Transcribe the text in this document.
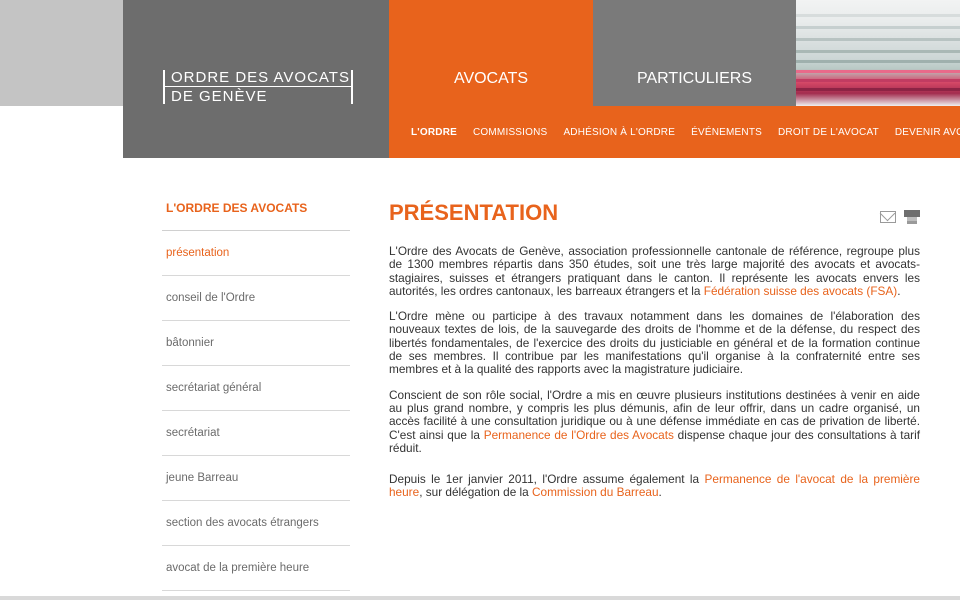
ORDRE DES AVOCATS
DE GENÈVE
AVOCATS	PARTICULIERS
L'ORDRE COMMISSIONS ADHÉSION À L'ORDRE ÉVÉNEMENTS DROIT DE L'AVOCAT DEVENIR AVOC
L'ORDRE DES AVOCATS
présentation
conseil de l'Ordre
bâtonnier
secrétariat général
secrétariat
jeune Barreau
section des avocats étrangers
avocat de la première heure
PRÉSENTATION

L'Ordre des Avocats de Genève, association professionnelle cantonale de référence, regroupe plus de 1300 membres répartis dans 350 études, soit une très large majorité des avocats et avocats-stagiaires, suisses et étrangers pratiquant dans le canton. Il représente les avocats envers les autorités, les ordres cantonaux, les barreaux étrangers et la Fédération suisse des avocats (FSA).

L'Ordre mène ou participe à des travaux notamment dans les domaines de l'élaboration des nouveaux textes de lois, de la sauvegarde des droits de l'homme et de la défense, du respect des libertés fondamentales, de l'exercice des droits du justiciable en général et de la formation continue de ses membres. Il contribue par les manifestations qu'il organise à la confraternité entre ses membres et à la qualité des rapports avec la magistrature judiciaire.

Conscient de son rôle social, l'Ordre a mis en œuvre plusieurs institutions destinées à venir en aide au plus grand nombre, y compris les plus démunis, afin de leur offrir, dans un cadre organisé, un accès facilité à une consultation juridique ou à une défense immédiate en cas de privation de liberté. C'est ainsi que la Permanence de l'Ordre des Avocats dispense chaque jour des consultations à tarif réduit.

Depuis le 1er janvier 2011, l'Ordre assume également la Permanence de l'avocat de la première heure, sur délégation de la Commission du Barreau.
